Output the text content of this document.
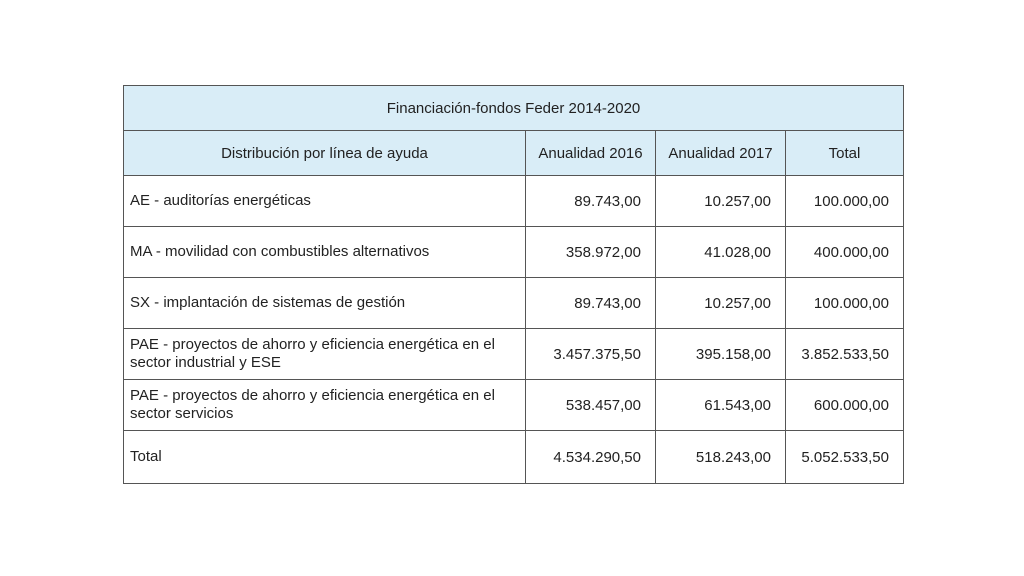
Financiación-fondos Feder 2014-2020			
Distribución por línea de ayuda	Anualidad 2016	Anualidad 2017	Total
AE - auditorías energéticas	89.743,00	10.257,00	100.000,00
MA - movilidad con combustibles alternativos	358.972,00	41.028,00	400.000,00
SX - implantación de sistemas de gestión	89.743,00	10.257,00	100.000,00
PAE - proyectos de ahorro y eficiencia energética en el sector industrial y ESE	3.457.375,50	395.158,00	3.852.533,50
PAE - proyectos de ahorro y eficiencia energética en el sector servicios	538.457,00	61.543,00	600.000,00
Total	4.534.290,50	518.243,00	5.052.533,50
